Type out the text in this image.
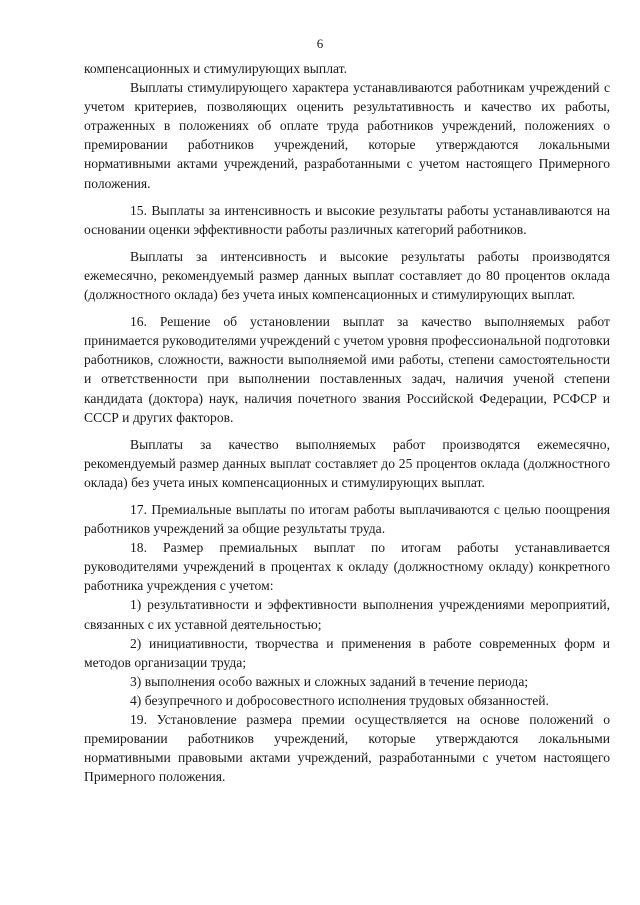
6

компенсационных и стимулирующих выплат.

Выплаты стимулирующего характера устанавливаются работникам учреждений с учетом критериев, позволяющих оценить результативность и качество их работы, отраженных в положениях об оплате труда работников учреждений, положениях о премировании работников учреждений, которые утверждаются локальными нормативными актами учреждений, разработанными с учетом настоящего Примерного положения.

15. Выплаты за интенсивность и высокие результаты работы устанавливаются на основании оценки эффективности работы различных категорий работников.

Выплаты за интенсивность и высокие результаты работы производятся ежемесячно, рекомендуемый размер данных выплат составляет до 80 процентов оклада (должностного оклада) без учета иных компенсационных и стимулирующих выплат.

16. Решение об установлении выплат за качество выполняемых работ принимается руководителями учреждений с учетом уровня профессиональной подготовки работников, сложности, важности выполняемой ими работы, степени самостоятельности и ответственности при выполнении поставленных задач, наличия ученой степени кандидата (доктора) наук, наличия почетного звания Российской Федерации, РСФСР и СССР и других факторов.

Выплаты за качество выполняемых работ производятся ежемесячно, рекомендуемый размер данных выплат составляет до 25 процентов оклада (должностного оклада) без учета иных компенсационных и стимулирующих выплат.

17. Премиальные выплаты по итогам работы выплачиваются с целью поощрения работников учреждений за общие результаты труда.

18. Размер премиальных выплат по итогам работы устанавливается руководителями учреждений в процентах к окладу (должностному окладу) конкретного работника учреждения с учетом:

1) результативности и эффективности выполнения учреждениями мероприятий, связанных с их уставной деятельностью;

2) инициативности, творчества и применения в работе современных форм и методов организации труда;

3) выполнения особо важных и сложных заданий в течение периода;

4) безупречного и добросовестного исполнения трудовых обязанностей.

19. Установление размера премии осуществляется на основе положений о премировании работников учреждений, которые утверждаются локальными нормативными правовыми актами учреждений, разработанными с учетом настоящего Примерного положения.
